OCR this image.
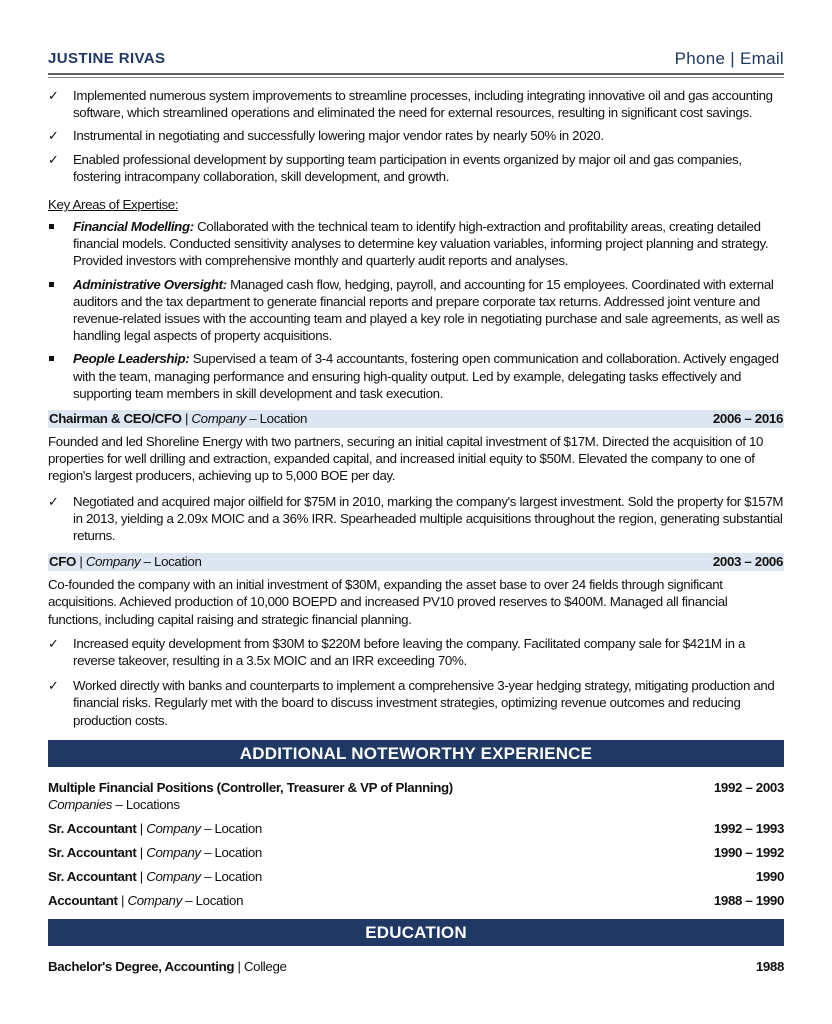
JUSTINE RIVAS	Phone | Email
✓	Implemented numerous system improvements to streamline processes, including integrating innovative oil and gas accounting software, which streamlined operations and eliminated the need for external resources, resulting in significant cost savings.
✓	Instrumental in negotiating and successfully lowering major vendor rates by nearly 50% in 2020.
✓	Enabled professional development by supporting team participation in events organized by major oil and gas companies, fostering intracompany collaboration, skill development, and growth.
Key Areas of Expertise:
Financial Modelling: Collaborated with the technical team to identify high-extraction and profitability areas, creating detailed financial models. Conducted sensitivity analyses to determine key valuation variables, informing project planning and strategy. Provided investors with comprehensive monthly and quarterly audit reports and analyses.
Administrative Oversight: Managed cash flow, hedging, payroll, and accounting for 15 employees. Coordinated with external auditors and the tax department to generate financial reports and prepare corporate tax returns. Addressed joint venture and revenue-related issues with the accounting team and played a key role in negotiating purchase and sale agreements, as well as handling legal aspects of property acquisitions.
People Leadership: Supervised a team of 3-4 accountants, fostering open communication and collaboration. Actively engaged with the team, managing performance and ensuring high-quality output. Led by example, delegating tasks effectively and supporting team members in skill development and task execution.
Chairman & CEO/CFO | Company – Location	2006 – 2016
Founded and led Shoreline Energy with two partners, securing an initial capital investment of $17M. Directed the acquisition of 10 properties for well drilling and extraction, expanded capital, and increased initial equity to $50M. Elevated the company to one of region's largest producers, achieving up to 5,000 BOE per day.
✓	Negotiated and acquired major oilfield for $75M in 2010, marking the company's largest investment. Sold the property for $157M in 2013, yielding a 2.09x MOIC and a 36% IRR. Spearheaded multiple acquisitions throughout the region, generating substantial returns.
CFO | Company – Location	2003 – 2006
Co-founded the company with an initial investment of $30M, expanding the asset base to over 24 fields through significant acquisitions. Achieved production of 10,000 BOEPD and increased PV10 proved reserves to $400M. Managed all financial functions, including capital raising and strategic financial planning.
✓	Increased equity development from $30M to $220M before leaving the company. Facilitated company sale for $421M in a reverse takeover, resulting in a 3.5x MOIC and an IRR exceeding 70%.
✓	Worked directly with banks and counterparts to implement a comprehensive 3-year hedging strategy, mitigating production and financial risks. Regularly met with the board to discuss investment strategies, optimizing revenue outcomes and reducing production costs.
ADDITIONAL NOTEWORTHY EXPERIENCE
Multiple Financial Positions (Controller, Treasurer & VP of Planning)	1992 – 2003
Companies – Locations
Sr. Accountant | Company – Location	1992 – 1993
Sr. Accountant | Company – Location	1990 – 1992
Sr. Accountant | Company – Location	1990
Accountant | Company – Location	1988 – 1990
EDUCATION
Bachelor's Degree, Accounting | College	1988
